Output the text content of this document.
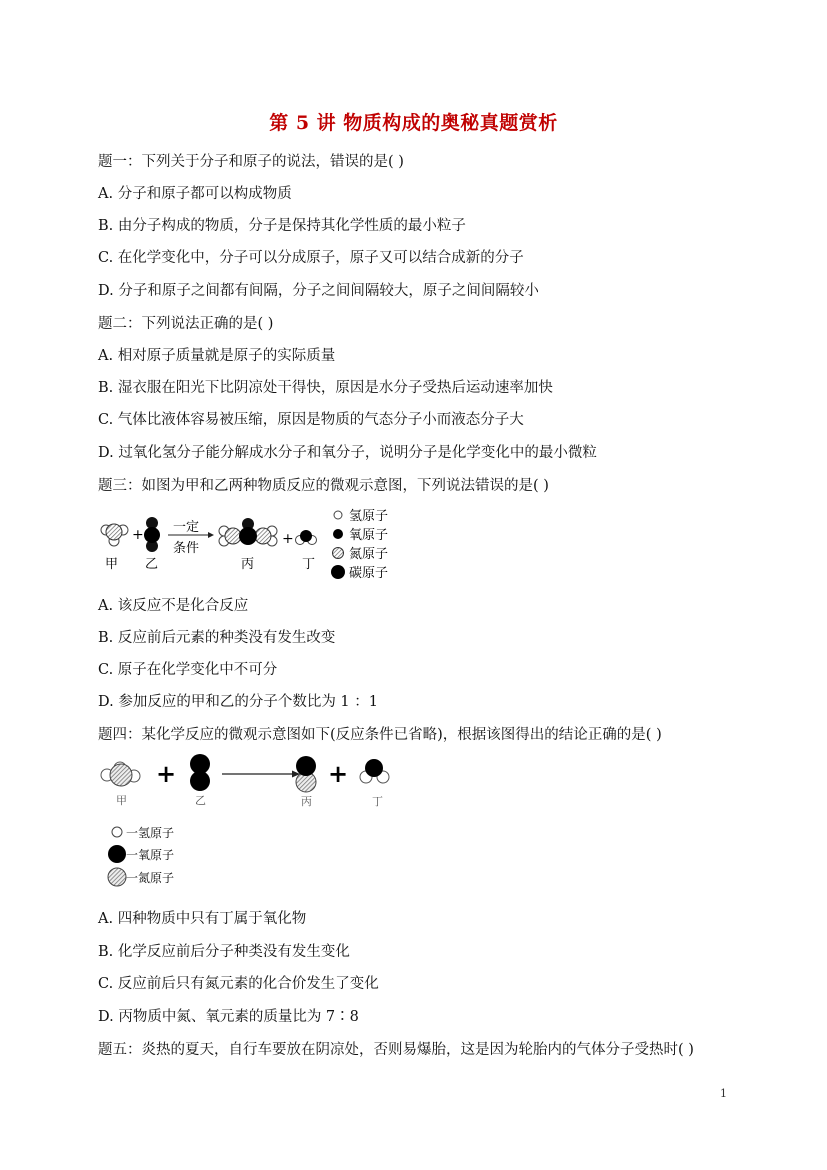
第 5 讲 物质构成的奥秘真题赏析
题一：下列关于分子和原子的说法，错误的是( )
A. 分子和原子都可以构成物质
B. 由分子构成的物质，分子是保持其化学性质的最小粒子
C. 在化学变化中，分子可以分成原子，原子又可以结合成新的分子
D. 分子和原子之间都有间隔，分子之间间隔较大，原子之间间隔较小
题二：下列说法正确的是( )
A. 相对原子质量就是原子的实际质量
B. 湿衣服在阳光下比阴凉处干得快，原因是水分子受热后运动速率加快
C. 气体比液体容易被压缩，原因是物质的气态分子小而液态分子大
D. 过氧化氢分子能分解成水分子和氧分子，说明分子是化学变化中的最小微粒
题三：如图为甲和乙两种物质反应的微观示意图，下列说法错误的是( )
+ 一定
条件
+
甲 乙	丙	丁
氢原子
氧原子
氮原子
碳原子
A. 该反应不是化合反应
B. 反应前后元素的种类没有发生改变
C. 原子在化学变化中不可分
D. 参加反应的甲和乙的分子个数比为 1 ：1
题四：某化学反应的微观示意图如下(反应条件已省略)，根据该图得出的结论正确的是( )
+	+
甲	乙	丙	丁
一氢原子
一氧原子
一氮原子
A. 四种物质中只有丁属于氧化物
B. 化学反应前后分子种类没有发生变化
C. 反应前后只有氮元素的化合价发生了变化
D. 丙物质中氮、氧元素的质量比为 7∶8
题五：炎热的夏天，自行车要放在阴凉处，否则易爆胎，这是因为轮胎内的气体分子受热时( )
1
